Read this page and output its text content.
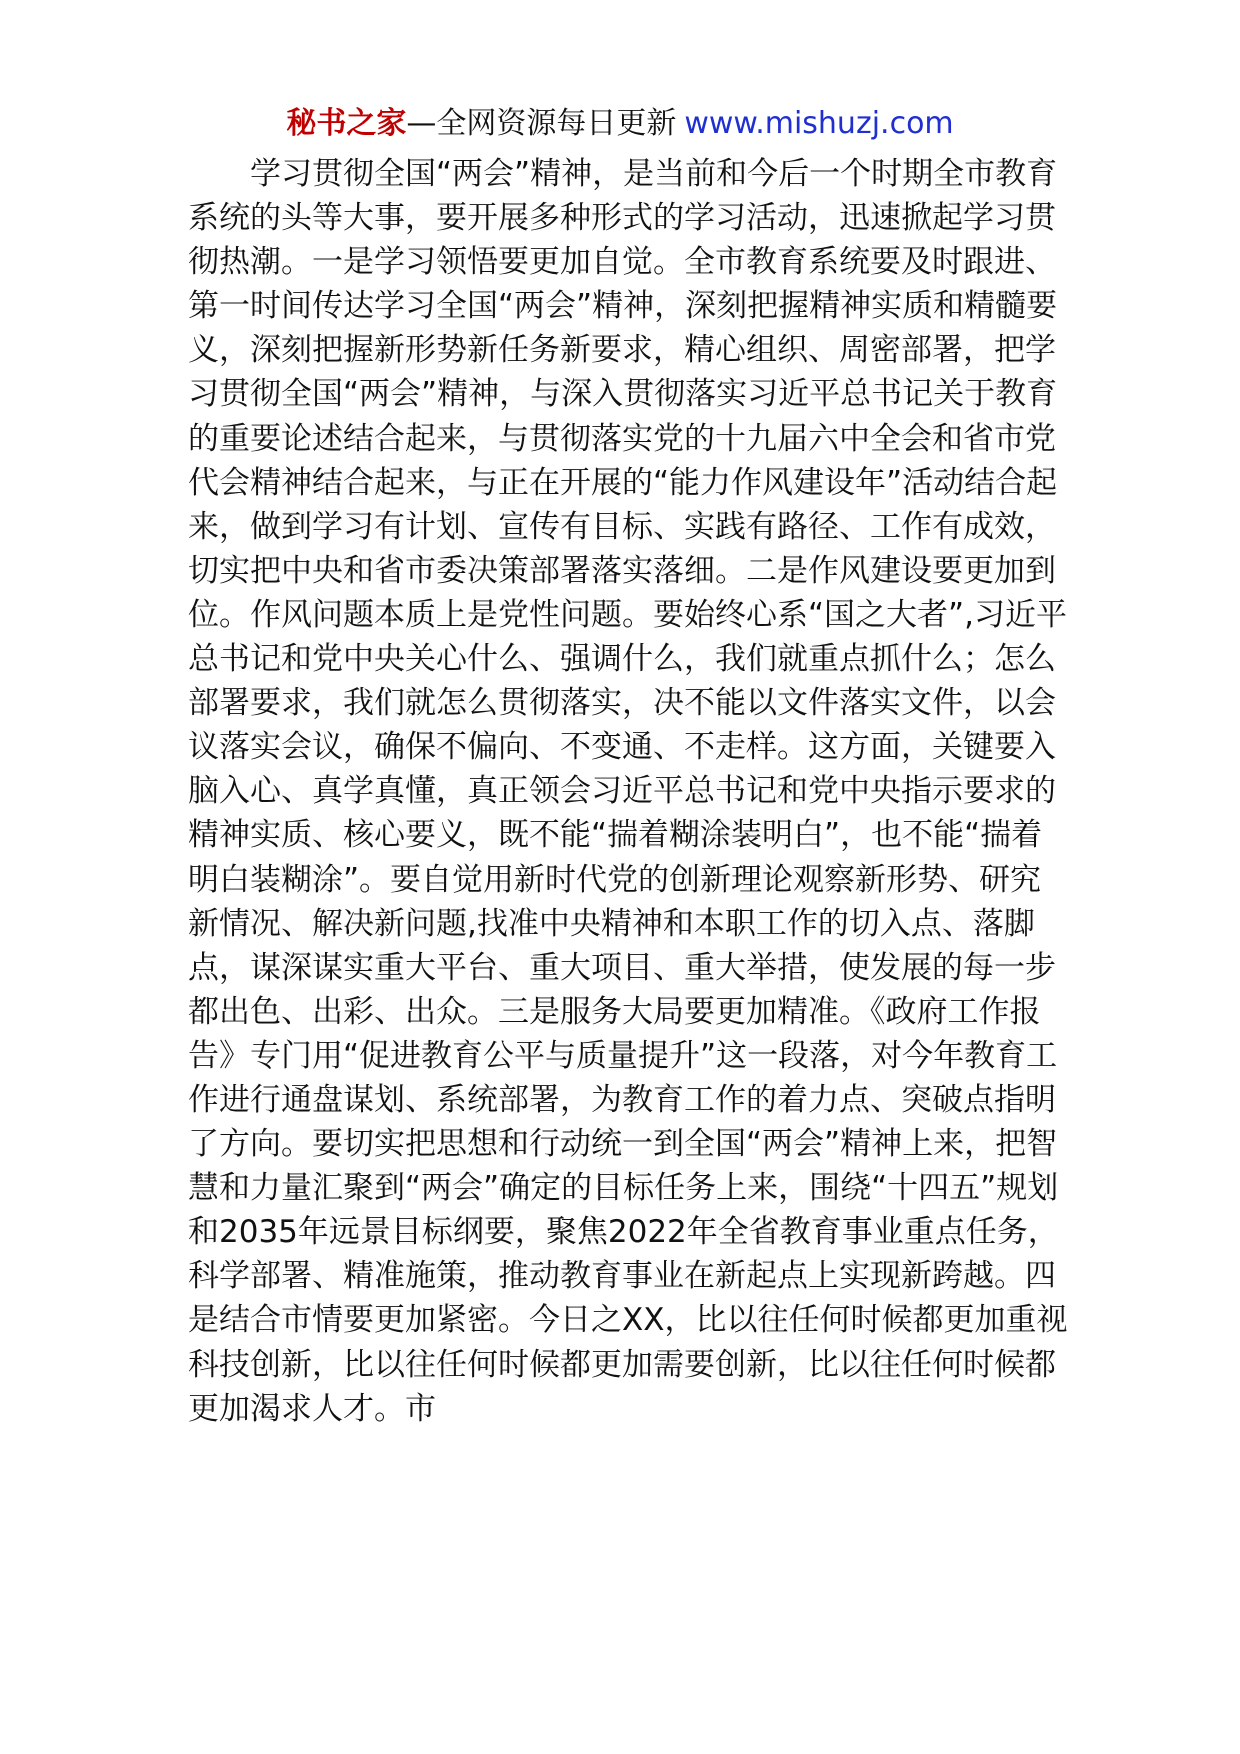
秘书之家—全网资源每日更新 www.mishuzj.com

学习贯彻全国“两会”精神，是当前和今后一个时期全市教育系统的头等大事，要开展多种形式的学习活动，迅速掀起学习贯彻热潮。一是学习领悟要更加自觉。全市教育系统要及时跟进、第一时间传达学习全国“两会”精神，深刻把握精神实质和精髓要义，深刻把握新形势新任务新要求，精心组织、周密部署，把学习贯彻全国“两会”精神，与深入贯彻落实习近平总书记关于教育的重要论述结合起来，与贯彻落实党的十九届六中全会和省市党代会精神结合起来，与正在开展的“能力作风建设年”活动结合起来，做到学习有计划、宣传有目标、实践有路径、工作有成效，切实把中央和省市委决策部署落实落细。二是作风建设要更加到位。作风问题本质上是党性问题。要始终心系“国之大者”,习近平总书记和党中央关心什么、强调什么，我们就重点抓什么；怎么部署要求，我们就怎么贯彻落实，决不能以文件落实文件，以会议落实会议，确保不偏向、不变通、不走样。这方面，关键要入脑入心、真学真懂，真正领会习近平总书记和党中央指示要求的精神实质、核心要义，既不能“揣着糊涂装明白”，也不能“揣着明白装糊涂”。要自觉用新时代党的创新理论观察新形势、研究新情况、解决新问题,找准中央精神和本职工作的切入点、落脚点，谋深谋实重大平台、重大项目、重大举措，使发展的每一步都出色、出彩、出众。三是服务大局要更加精准。《政府工作报告》专门用“促进教育公平与质量提升”这一段落，对今年教育工作进行通盘谋划、系统部署，为教育工作的着力点、突破点指明了方向。要切实把思想和行动统一到全国“两会”精神上来，把智慧和力量汇聚到“两会”确定的目标任务上来，围绕“十四五”规划和2035年远景目标纲要，聚焦2022年全省教育事业重点任务，科学部署、精准施策，推动教育事业在新起点上实现新跨越。四是结合市情要更加紧密。今日之XX，比以往任何时候都更加重视科技创新，比以往任何时候都更加需要创新，比以往任何时候都更加渴求人才。市
